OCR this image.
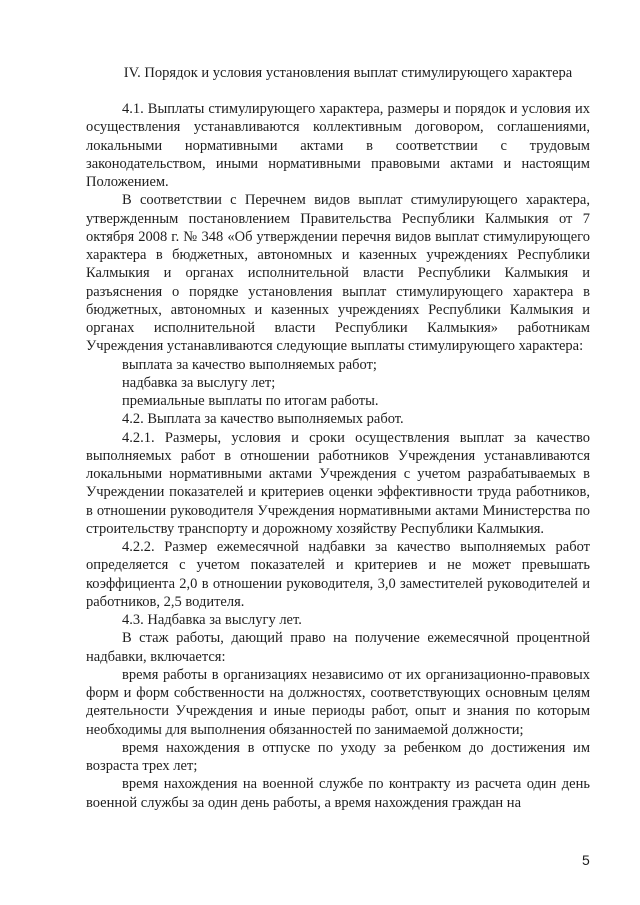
IV. Порядок и условия установления выплат стимулирующего характера

4.1. Выплаты стимулирующего характера, размеры и порядок и условия их осуществления устанавливаются коллективным договором, соглашениями, локальными нормативными актами в соответствии с трудовым законодательством, иными нормативными правовыми актами и настоящим Положением.

В соответствии с Перечнем видов выплат стимулирующего характера, утвержденным постановлением Правительства Республики Калмыкия от 7 октября 2008 г. № 348 «Об утверждении перечня видов выплат стимулирующего характера в бюджетных, автономных и казенных учреждениях Республики Калмыкия и органах исполнительной власти Республики Калмыкия и разъяснения о порядке установления выплат стимулирующего характера в бюджетных, автономных и казенных учреждениях Республики Калмыкия и органах исполнительной власти Республики Калмыкия» работникам Учреждения устанавливаются следующие выплаты стимулирующего характера:

выплата за качество выполняемых работ;

надбавка за выслугу лет;

премиальные выплаты по итогам работы.

4.2. Выплата за качество выполняемых работ.

4.2.1. Размеры, условия и сроки осуществления выплат за качество выполняемых работ в отношении работников Учреждения устанавливаются локальными нормативными актами Учреждения с учетом разрабатываемых в Учреждении показателей и критериев оценки эффективности труда работников, в отношении руководителя Учреждения нормативными актами Министерства по строительству транспорту и дорожному хозяйству Республики Калмыкия.

4.2.2. Размер ежемесячной надбавки за качество выполняемых работ определяется с учетом показателей и критериев и не может превышать коэффициента 2,0 в отношении руководителя, 3,0 заместителей руководителей и работников, 2,5 водителя.

4.3. Надбавка за выслугу лет.

В стаж работы, дающий право на получение ежемесячной процентной надбавки, включается:

время работы в организациях независимо от их организационно-правовых форм и форм собственности на должностях, соответствующих основным целям деятельности Учреждения и иные периоды работ, опыт и знания по которым необходимы для выполнения обязанностей по занимаемой должности;

время нахождения в отпуске по уходу за ребенком до достижения им возраста трех лет;

время нахождения на военной службе по контракту из расчета один день военной службы за один день работы, а время нахождения граждан на

5
